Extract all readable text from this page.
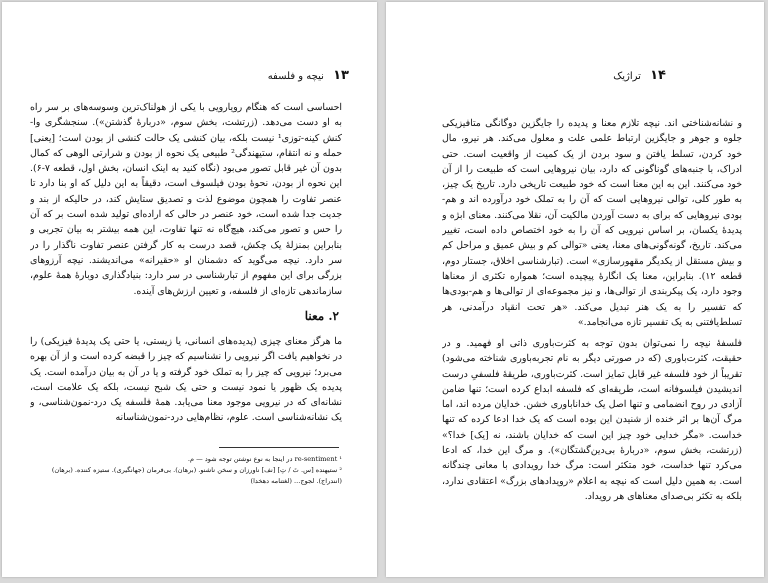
۱۳ نیچه و فلسفه

احساسی است که هنگام رویارویی با یکی از هولناک‌ترین وسوسه‌های بر سر راه به او دست می‌دهد. (زرتشت، بخش سوم، «دربارهٔ گذشتن»). سنجشگری وا- کنش کینه-توزی¹ نیست بلکه، بیان کنشی یک حالت کنشی از بودن است؛ [یعنی] حمله و نه انتقام، ستیهندگی² طبیعی یک نحوه از بودن و شرارتی الوهی که کمال بدون آن غیر قابل تصور می‌بود (نگاه کنید به اینک انسان، بخش اول، قطعه ۷-۶). این نحوه از بودن، نحوهٔ بودن فیلسوف است، دقیقاً به این دلیل که او بنا دارد تا عنصر تفاوت را همچون موضوع لذت و تصدیق ستایش کند، در حالیکه از بند و جدیت جدا شده است، خود عنصر در حالی که اراده‌ای تولید شده است بر که آن را حس و تصور می‌کند، هیچ‌گاه نه تنها تفاوت، این همه بیشتر به بیان تجربی و بنابراین بمنزلهٔ یک چکش، قصد درست به کار گرفتن عنصر تفاوت ناگذار را در سر دارد. نیچه می‌گوید که دشمنان او «حقیرانه» می‌اندیشند. نیچه آرزوهای بزرگی برای این مفهوم از تبارشناسی در سر دارد: بنیادگذاری دوبارهٔ همهٔ علوم، سازماندهی تازه‌ای از فلسفه، و تعیین ارزش‌های آینده.

۲. معنا

ما هرگز معنای چیزی (پدیده‌های انسانی، یا زیستی، یا حتی یک پدیدهٔ فیزیکی) را در نخواهیم یافت اگر نیرویی را نشناسیم که چیز را قبضه کرده است و از آن بهره می‌برد؛ نیرویی که چیز را به تملک خود گرفته و یا در آن به بیان درآمده است. یک پدیده یک ظهور یا نمود نیست و حتی یک شبح نیست، بلکه یک علامت است، نشانه‌ای که در نیرویی موجود معنا می‌یابد. همهٔ فلسفه یک درد-نمون‌شناسی، و یک نشانه‌شناسی است. علوم، نظام‌هایی درد-نمون‌شناسانه

¹ re-sentiment در اینجا به نوع نوشتن توجه شود — م.
² ستیهنده [س. تَ / تِ] [نف] ناورزان و سخن ناشنو. (برهان). بی‌فرمان (جهانگیری). ستیزه کننده. (برهان) (انندراج). لجوج... (لغتنامه دهخدا)
۱۴ تراژیک

و نشانه‌شناختی اند. نیچه تلازم معنا و پدیده را جایگزین دوگانگی متافیزیکی جلوه و جوهر و جایگزین ارتباط علمی علت و معلول می‌کند. هر نیرو، مال خود کردن، تسلط یافتن و سود بردن از یک کمیت از واقعیت است. حتی ادراک، با جنبه‌های گوناگونی که دارد، بیان نیروهایی است که طبیعت را از آن خود می‌کنند. این به این معنا است که خود طبیعت تاریخی دارد. تاریخ یک چیز، به طور کلی، توالی نیروهایی است که آن را به تملک خود درآورده اند و هم-بودی نیروهایی که برای به دست آوردن مالکیت آن، نقلا می‌کنند. معنای ابژه و پدیدهٔ یکسان، بر اساس نیرویی که آن را به خود اختصاص داده است، تغییر می‌کند. تاریخ، گونه‌گونی‌های معنا، یعنی «توالی کم و بیش عمیق و مراحل کم و بیش مستقل از یکدیگر مقهورسازی» است. (تبارشناسی اخلاق، جستار دوم، قطعه ۱۲). بنابراین، معنا یک انگارهٔ پیچیده است؛ همواره تکثری از معناها وجود دارد، یک پیکربندی از توالی‌ها، و نیز مجموعه‌ای از توالی‌ها و هم-بودی‌ها که تفسیر را به یک هنر تبدیل می‌کند. «هر تحت انقیاد درآمدنی، هر تسلط‌یافتنی به یک تفسیر تازه می‌انجامد.»

فلسفهٔ نیچه را نمی‌توان بدون توجه به کثرت‌باوری ذاتی او فهمید. و در حقیقت، کثرت‌باوری (که در صورتی دیگر به نام تجربه‌باوری شناخته می‌شود) تقریباً از خود فلسفه غیر قابل تمایز است. کثرت‌باوری، طریقهٔ فلسفیِ درست اندیشیدن فیلسوفانه است، طریقه‌ای که فلسفه ابداع کرده است؛ تنها ضامن آزادی در روح انضمامی و تنها اصل یک خداناباوری خشن. خدایان مرده اند، اما مرگ آن‌ها بر اثر خنده از شنیدن این بوده است که یک خدا ادعا کرده که تنها خداست. «مگر خدایی خود چیز این است که خدایان باشند، نه [یک] خدا؟» (زرتشت، بخش سوم، «دربارهٔ بی‌دین‌گشتگان»). و مرگ این خدا، که ادعا می‌کرد تنها خداست، خود متکثر است: مرگ خدا رویدادی با معانی چندگانه است. به همین دلیل است که نیچه به اعلام «رویدادهای بزرگ» اعتقادی ندارد، بلکه به تکثر بی‌صدای معناهای هر رویداد.
